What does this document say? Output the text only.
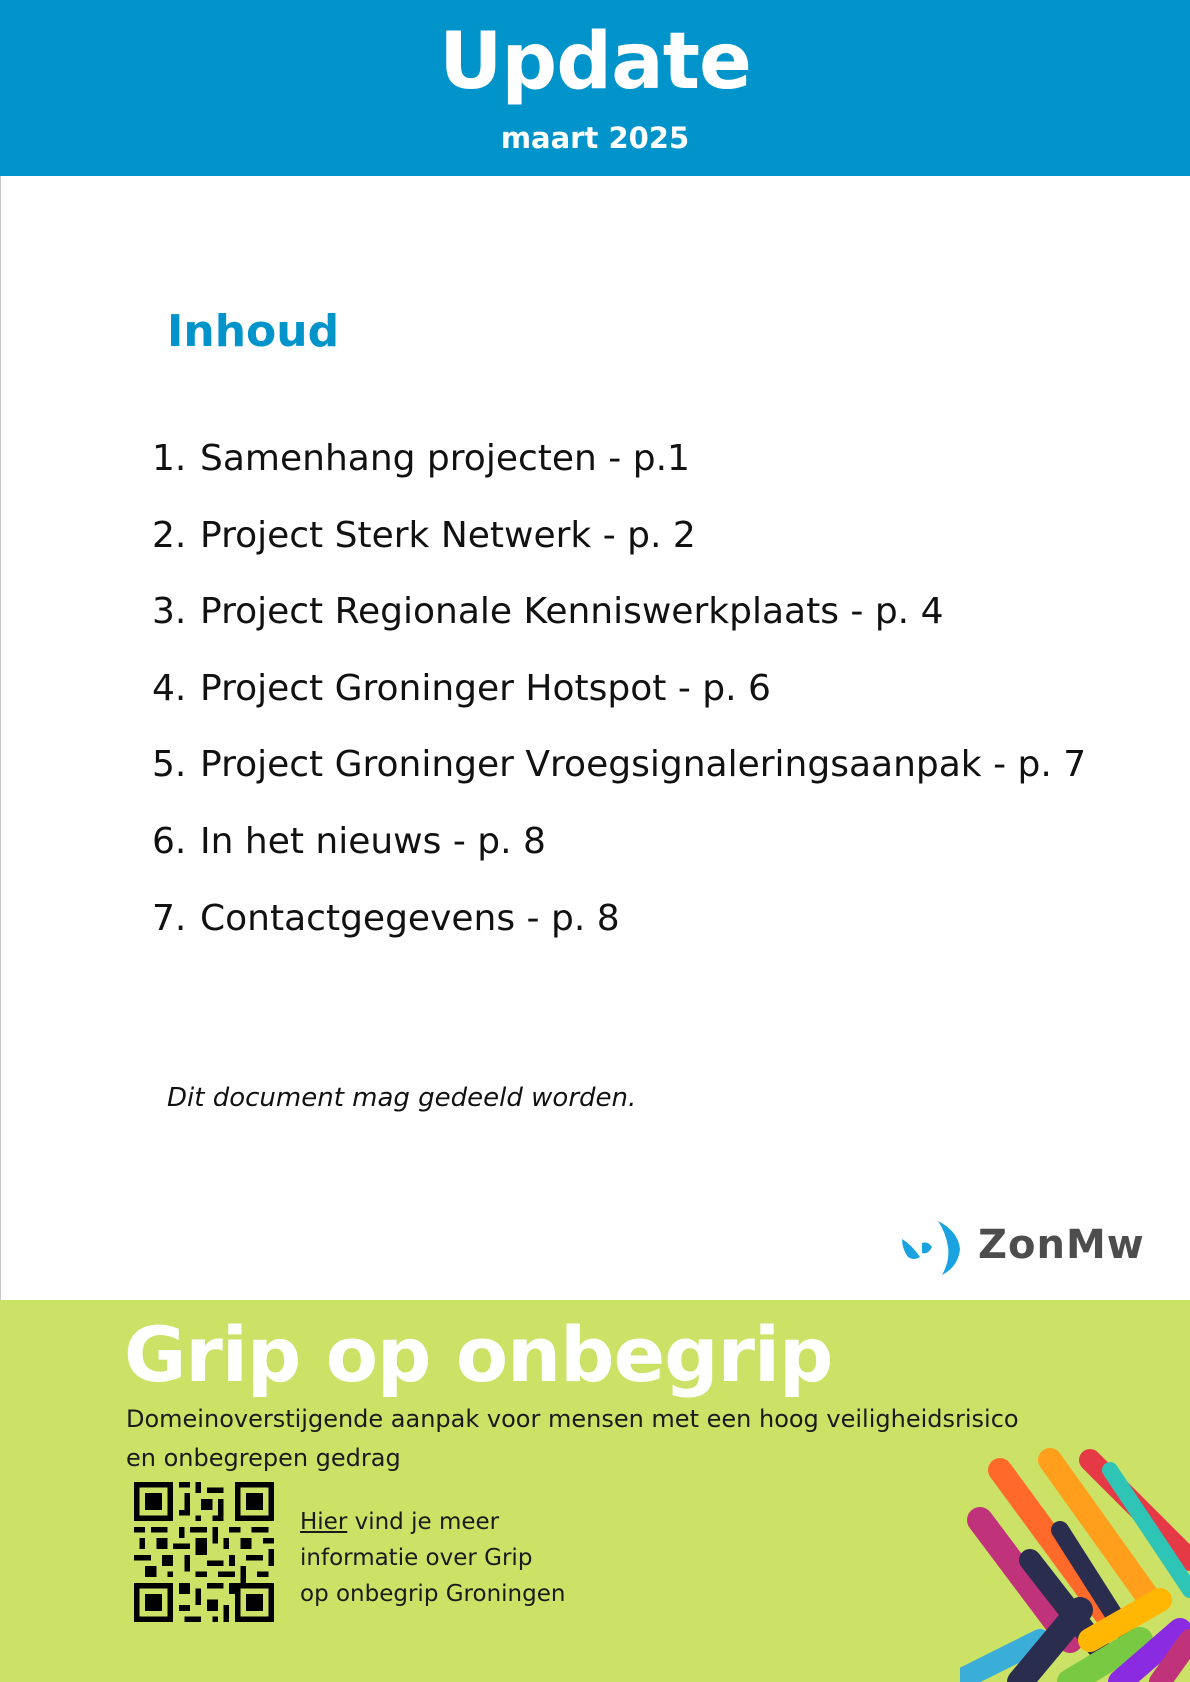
Update
maart 2025
Inhoud
1. Samenhang projecten - p.1
2. Project Sterk Netwerk - p. 2
3. Project Regionale Kenniswerkplaats - p. 4
4. Project Groninger Hotspot - p. 6
5. Project Groninger Vroegsignaleringsaanpak - p. 7
6. In het nieuws - p. 8
7. Contactgegevens - p. 8
Dit document mag gedeeld worden.
ZonMw
Grip op onbegrip
Domeinoverstijgende aanpak voor mensen met een hoog veiligheidsrisico
en onbegrepen gedrag
Hier vind je meer
informatie over Grip
op onbegrip Groningen
